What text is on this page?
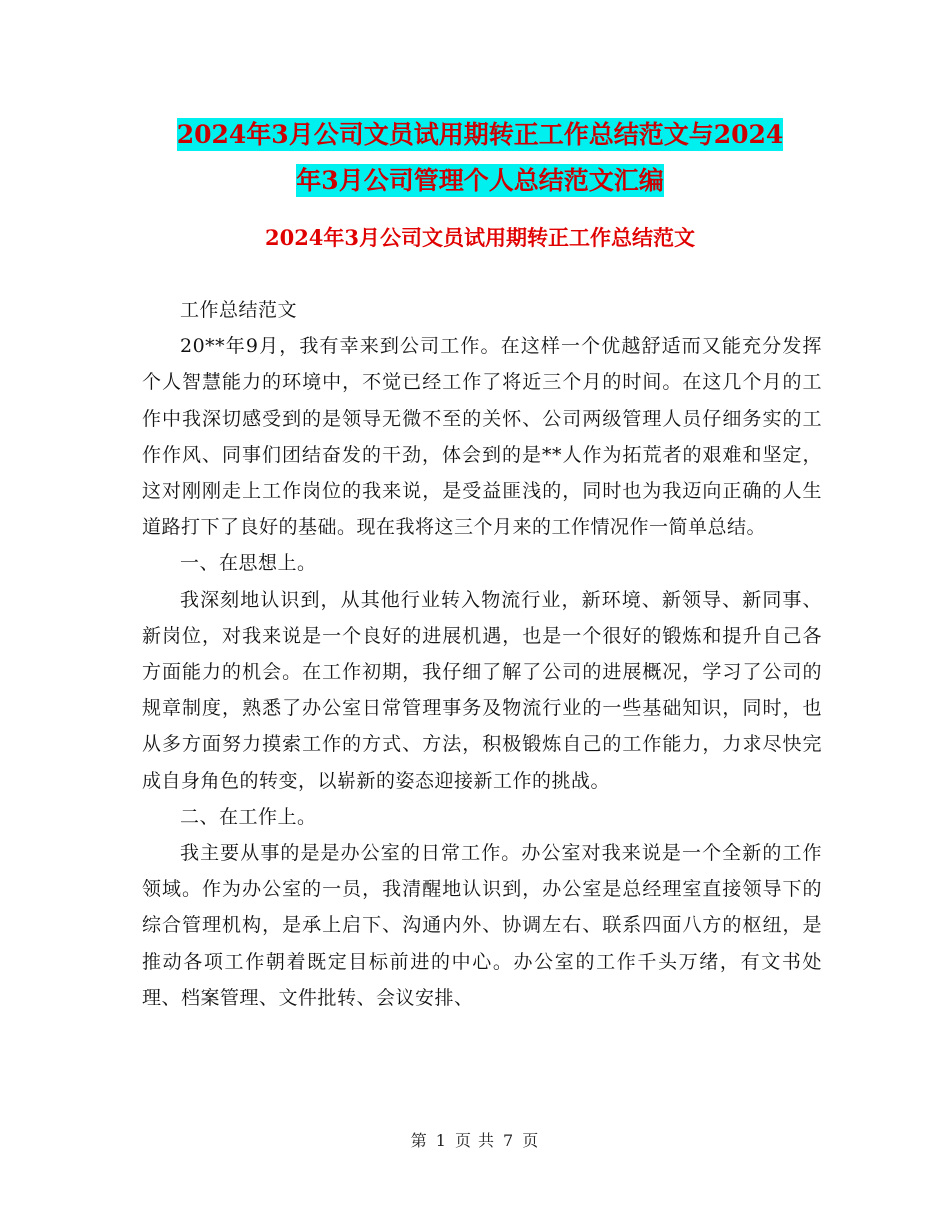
2024年3月公司文员试用期转正工作总结范文与2024
年3月公司管理个人总结范文汇编
2024年3月公司文员试用期转正工作总结范文

工作总结范文

20**年9月，我有幸来到公司工作。在这样一个优越舒适而又能充分发挥个人智慧能力的环境中，不觉已经工作了将近三个月的时间。在这几个月的工作中我深切感受到的是领导无微不至的关怀、公司两级管理人员仔细务实的工作作风、同事们团结奋发的干劲，体会到的是**人作为拓荒者的艰难和坚定，这对刚刚走上工作岗位的我来说，是受益匪浅的，同时也为我迈向正确的人生道路打下了良好的基础。现在我将这三个月来的工作情况作一简单总结。

一、在思想上。

我深刻地认识到，从其他行业转入物流行业，新环境、新领导、新同事、新岗位，对我来说是一个良好的进展机遇，也是一个很好的锻炼和提升自己各方面能力的机会。在工作初期，我仔细了解了公司的进展概况，学习了公司的规章制度，熟悉了办公室日常管理事务及物流行业的一些基础知识，同时，也从多方面努力摸索工作的方式、方法，积极锻炼自己的工作能力，力求尽快完成自身角色的转变，以崭新的姿态迎接新工作的挑战。

二、在工作上。

我主要从事的是是办公室的日常工作。办公室对我来说是一个全新的工作领域。作为办公室的一员，我清醒地认识到，办公室是总经理室直接领导下的综合管理机构，是承上启下、沟通内外、协调左右、联系四面八方的枢纽，是推动各项工作朝着既定目标前进的中心。办公室的工作千头万绪，有文书处理、档案管理、文件批转、会议安排、

第 1 页 共 7 页
